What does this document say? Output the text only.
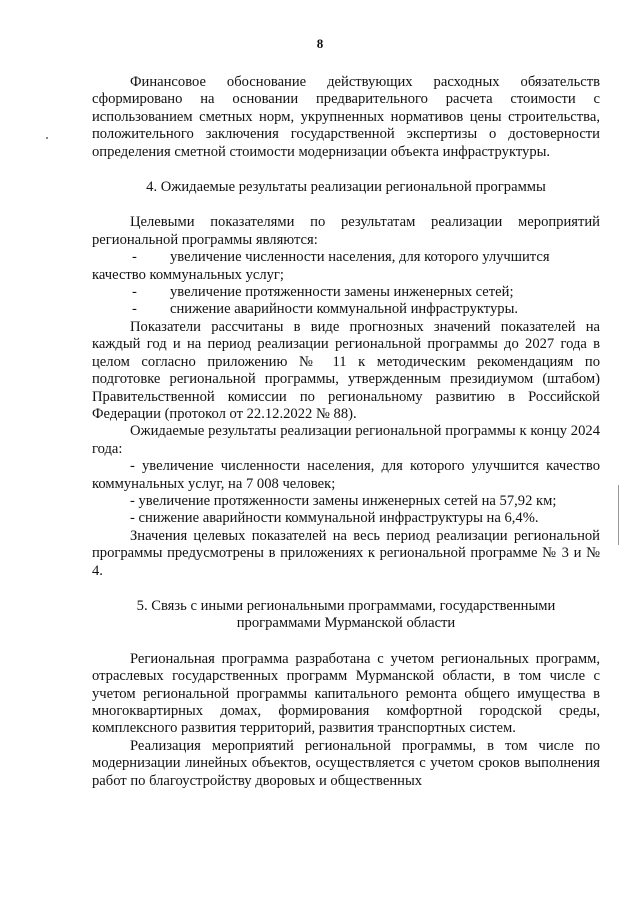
8

Финансовое обоснование действующих расходных обязательств сформировано на основании предварительного расчета стоимости с использованием сметных норм, укрупненных нормативов цены строительства, положительного заключения государственной экспертизы о достоверности определения сметной стоимости модернизации объекта инфраструктуры.

4. Ожидаемые результаты реализации региональной программы

Целевыми показателями по результатам реализации мероприятий региональной программы являются:

- увеличение численности населения, для которого улучшится

качество коммунальных услуг;

- увеличение протяженности замены инженерных сетей;

- снижение аварийности коммунальной инфраструктуры.

Показатели рассчитаны в виде прогнозных значений показателей на каждый год и на период реализации региональной программы до 2027 года в целом согласно приложению № 11 к методическим рекомендациям по подготовке региональной программы, утвержденным президиумом (штабом) Правительственной комиссии по региональному развитию в Российской Федерации (протокол от 22.12.2022 № 88).

Ожидаемые результаты реализации региональной программы к концу 2024 года:

- увеличение численности населения, для которого улучшится качество коммунальных услуг, на 7 008 человек;

- увеличение протяженности замены инженерных сетей на 57,92 км;

- снижение аварийности коммунальной инфраструктуры на 6,4%.

Значения целевых показателей на весь период реализации региональной программы предусмотрены в приложениях к региональной программе № 3 и № 4.

5. Связь с иными региональными программами, государственными

программами Мурманской области

Региональная программа разработана с учетом региональных программ, отраслевых государственных программ Мурманской области, в том числе с учетом региональной программы капитального ремонта общего имущества в многоквартирных домах, формирования комфортной городской среды, комплексного развития территорий, развития транспортных систем.

Реализация мероприятий региональной программы, в том числе по модернизации линейных объектов, осуществляется с учетом сроков выполнения работ по благоустройству дворовых и общественных
